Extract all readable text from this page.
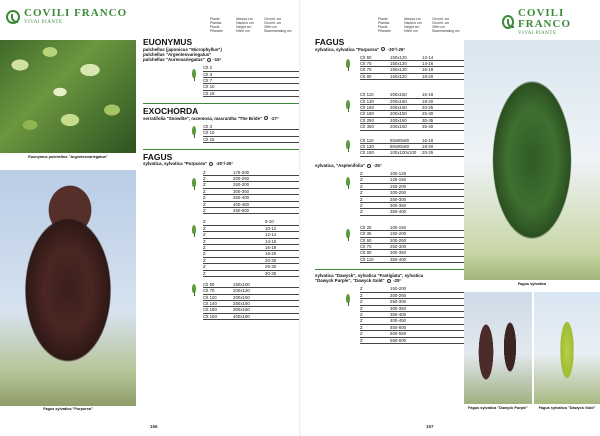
COVILI FRANCO
VIVAI PIANTE
Piante
Plantas
Plants
Pflanzen
Altezza cm
Hauteur cm
Height cm
Höhe cm
Circonf. cm
Circonf. cm
Girth cm
Stammumfang cm
Euonymus pulchellus "Argenteovariegatus"
Fagus sylvatica "Purpurea"
EUONYMUS
pulchellus (japonicus "Microphyllus")
pulchellus "Argenteovariegatus"
pulchellus "Aureovariegatus" -15°
Clt 2
Clt 3
Clt 7
Clt 10
Clt 18
EXOCHORDA
serratifolia "Snowlite", racemosa, macrantha "The Bride" -27°
Clt 3
Clt 10
Clt 15
FAGUS
sylvatica, sylvatica "Purpurea" -30°/-25°
Z	175-200
Z	200-250
Z	250-300
Z	300-350
Z	350-400
Z	400-450
Z	450-500
Z	8-10
Z	10-12
Z	12-14
Z	14-16
Z	16-18
Z	18-20
Z	20-25
Z	25-30
Z	30-35
Clt 50	150x100
Clt 70	200x120
Clt 110	200x150
Clt 140	250x150
Clt 150	300x150
Clt 150	400x180
156
COVILI FRANCO
VIVAI PIANTE
Piante
Plantas
Plants
Pflanzen
Altezza cm
Hauteur cm
Height cm
Höhe cm
Circonf. cm
Circonf. cm
Girth cm
Stammumfang cm
FAGUS
sylvatica, sylvatica "Purpurea" -30°/-25°
Clt 50	150x120	12-14
Clt 70	150x120	14-16
Clt 70	150x120	16-18
Clt 90	150x120	18-20
Clt 110	200x150	16-18
Clt 130	200x150	18-20
Clt 150	200x150	20-25
Clt 180	200x150	25-30
Clt 250	200x150	30-35
Clt 350	200x150	35-40
Clt 110	80x80x80	16-18
Clt 130	80x80x80	18-20
Clt 150	100x100x100	20-25
sylvatica, "Asplenifolia" -25°
Z	100-125
Z	125-150
Z	150-200
Z	200-250
Z	250-300
Z	300-350
Z	350-400
Clt 25	100-150
Clt 35	150-200
Clt 50	200-250
Clt 70	250-300
Clt 90	300-350
Clt 110	350-400
sylvatica "Dawyck", sylvatica "Fastigiata", sylvatica
"Dawyck Purple", "Dawyck Gold" -25°
Z	150-200
Z	200-250
Z	250-300
Z	300-350
Z	350-400
Z	400-450
Z	450-500
Z	500-550
Z	550-600
Fagus sylvatica
Fagus sylvatica "Dawyck Purple"	Fagus sylvatica "Dawyck Gold"
157
